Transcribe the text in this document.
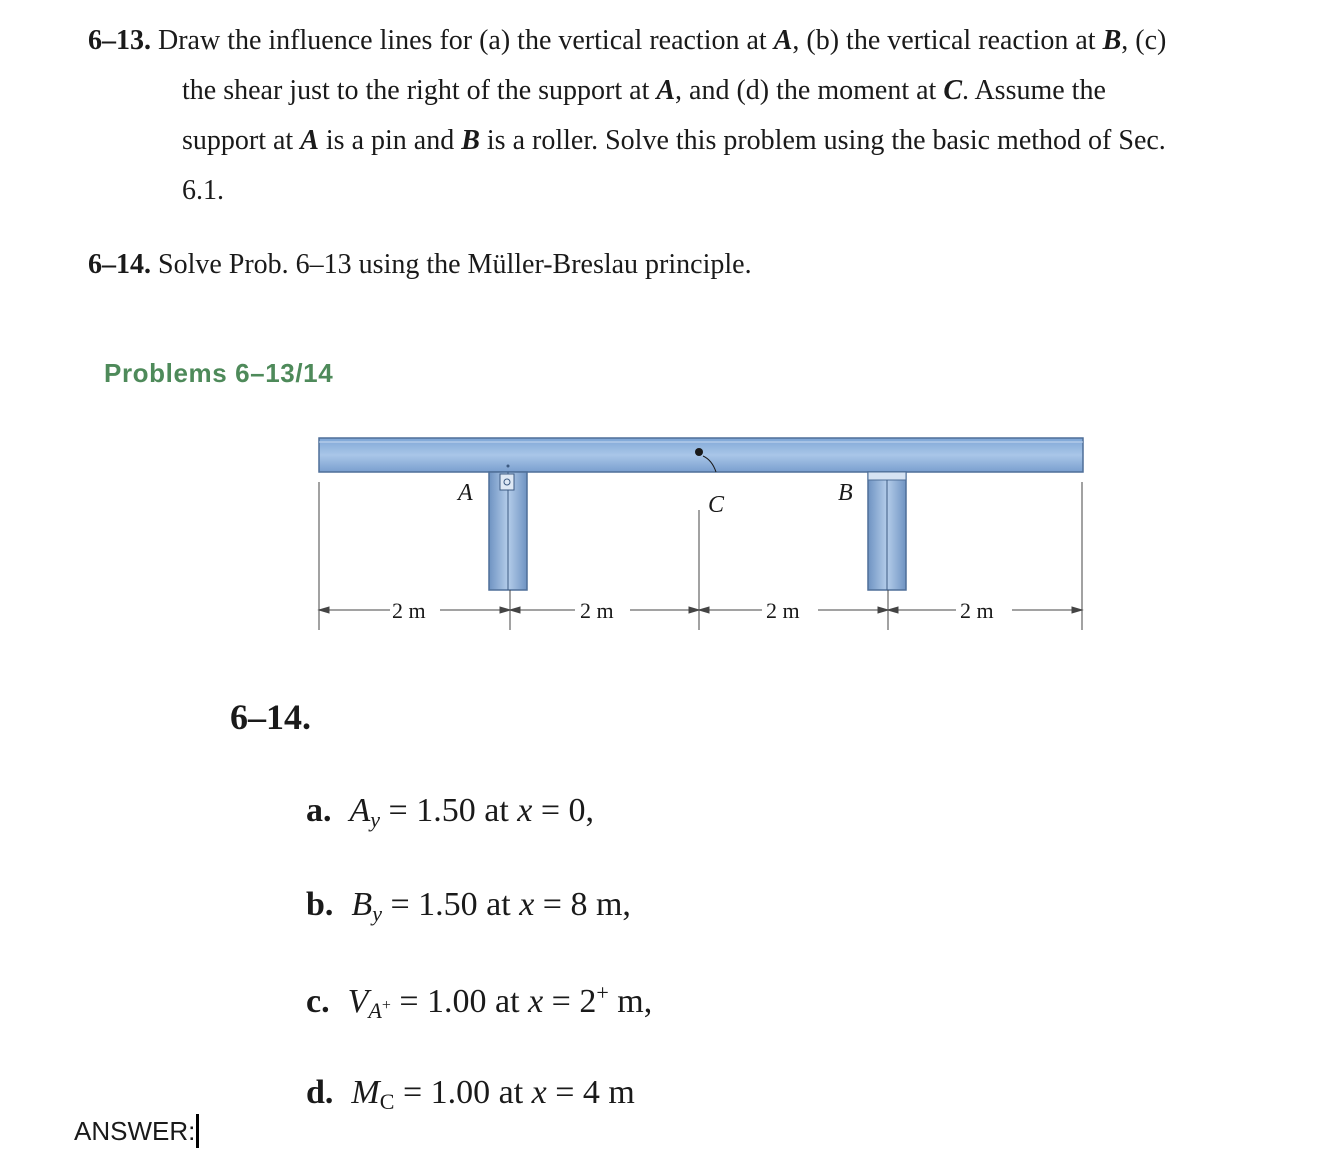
6–13. Draw the influence lines for (a) the vertical reaction at A, (b) the vertical reaction at B, (c)
the shear just to the right of the support at A, and (d) the moment at C. Assume the
support at A is a pin and B is a roller. Solve this problem using the basic method of Sec.
6.1.
6–14. Solve Prob. 6–13 using the Müller-Breslau principle.
Problems 6–13/14
A	C	B
2 m	2 m	2 m	2 m
6–14.
a. $A_y = 1.50$ at x = 0,
b. $B_y = 1.50$ at x = 8 m,
c. $V_{A^+} = 1.00$ at x = 2+ m,
d. $M_C = 1.00$ at x = 4 m
ANSWER:
